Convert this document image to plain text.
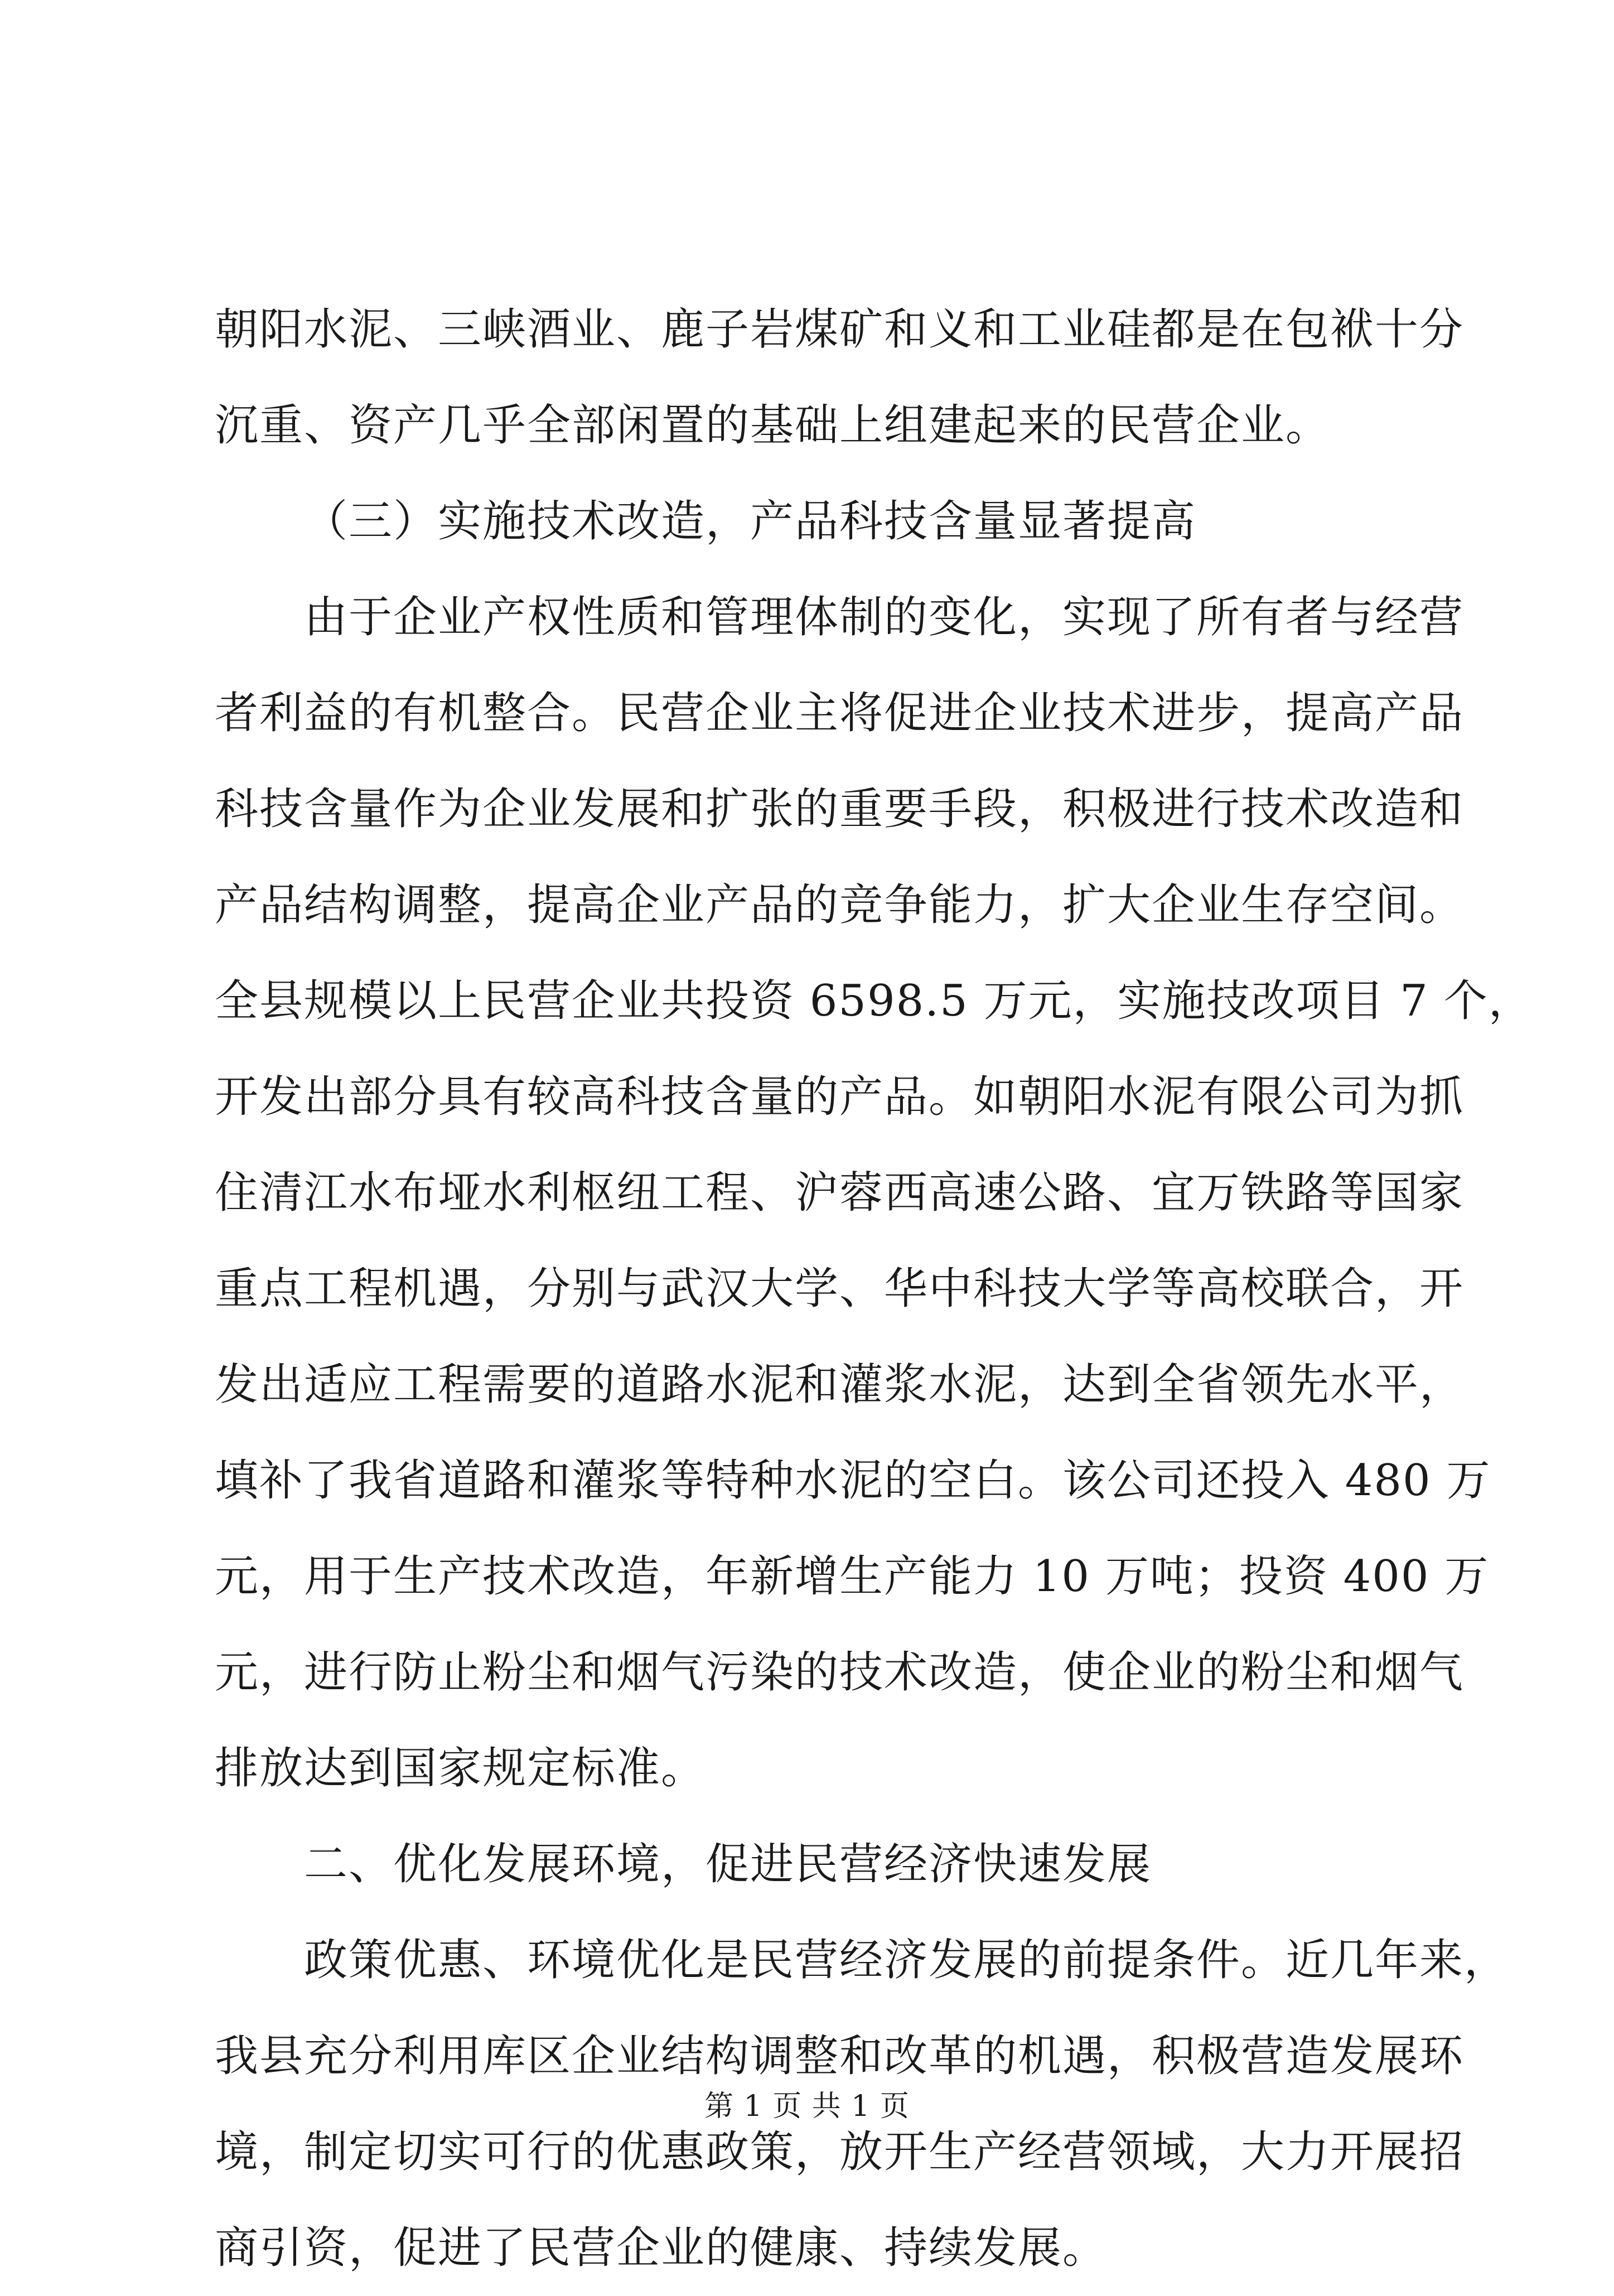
朝阳水泥、三峡酒业、鹿子岩煤矿和义和工业硅都是在包袱十分
沉重、资产几乎全部闲置的基础上组建起来的民营企业。
（三）实施技术改造，产品科技含量显著提高
由于企业产权性质和管理体制的变化，实现了所有者与经营
者利益的有机整合。民营企业主将促进企业技术进步，提高产品
科技含量作为企业发展和扩张的重要手段，积极进行技术改造和
产品结构调整，提高企业产品的竞争能力，扩大企业生存空间。
全县规模以上民营企业共投资 6598.5 万元，实施技改项目 7 个，
开发出部分具有较高科技含量的产品。如朝阳水泥有限公司为抓
住清江水布垭水利枢纽工程、沪蓉西高速公路、宜万铁路等国家
重点工程机遇，分别与武汉大学、华中科技大学等高校联合，开
发出适应工程需要的道路水泥和灌浆水泥，达到全省领先水平，
填补了我省道路和灌浆等特种水泥的空白。该公司还投入 480 万
元，用于生产技术改造，年新增生产能力 10 万吨；投资 400 万
元，进行防止粉尘和烟气污染的技术改造，使企业的粉尘和烟气
排放达到国家规定标准。
二、优化发展环境，促进民营经济快速发展
政策优惠、环境优化是民营经济发展的前提条件。近几年来，
我县充分利用库区企业结构调整和改革的机遇，积极营造发展环
境，制定切实可行的优惠政策，放开生产经营领域，大力开展招
商引资，促进了民营企业的健康、持续发展。
第 1 页 共 1 页
